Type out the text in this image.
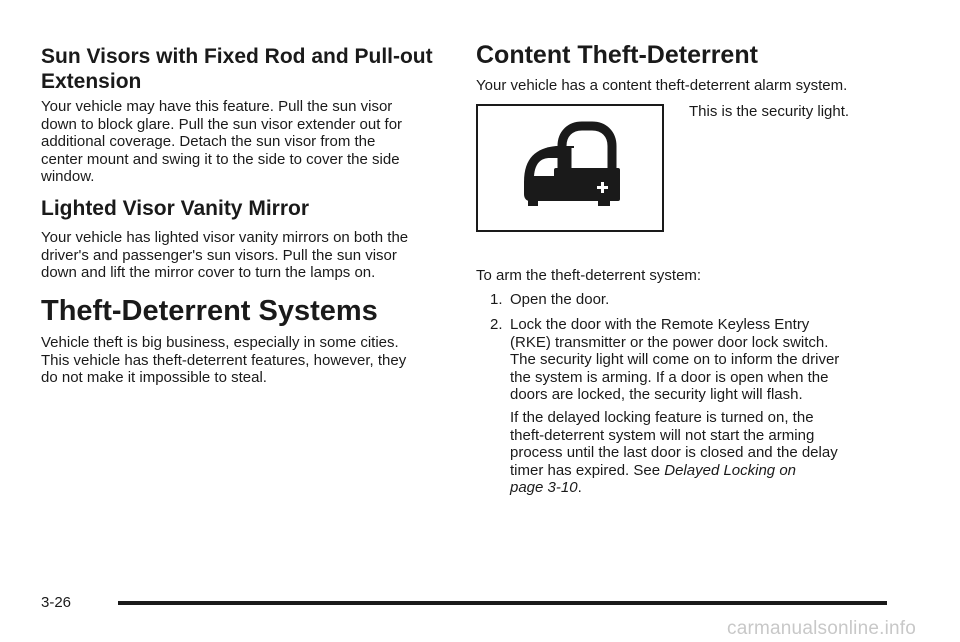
Sun Visors with Fixed Rod and Pull-out
Extension

Your vehicle may have this feature. Pull the sun visor

down to block glare. Pull the sun visor extender out for

additional coverage. Detach the sun visor from the

center mount and swing it to the side to cover the side

window.

Lighted Visor Vanity Mirror

Your vehicle has lighted visor vanity mirrors on both the

driver's and passenger's sun visors. Pull the sun visor

down and lift the mirror cover to turn the lamps on.

Theft-Deterrent Systems

Vehicle theft is big business, especially in some cities.

This vehicle has theft-deterrent features, however, they

do not make it impossible to steal.

Content Theft-Deterrent

Your vehicle has a content theft-deterrent alarm system.

This is the security light.

To arm the theft-deterrent system:

1. Open the door.
2. Lock the door with the Remote Keyless Entry

(RKE) transmitter or the power door lock switch.

The security light will come on to inform the driver

the system is arming. If a door is open when the

doors are locked, the security light will flash.

If the delayed locking feature is turned on, the

theft-deterrent system will not start the arming

process until the last door is closed and the delay

timer has expired. See Delayed Locking on

page 3-10.

3-26
carmanualsonline.info
